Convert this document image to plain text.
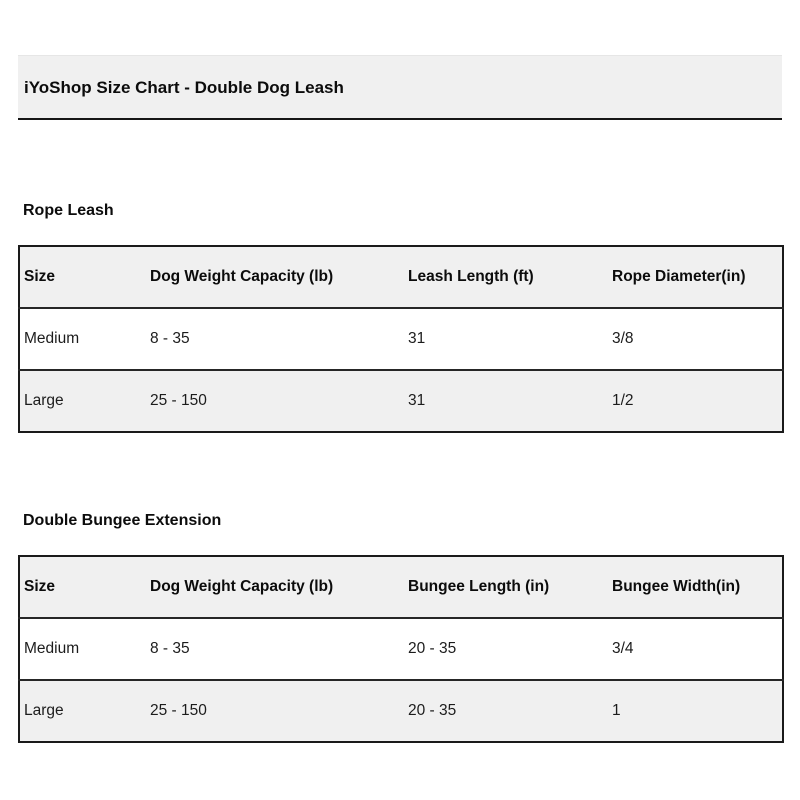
iYoShop Size Chart - Double Dog Leash
Rope Leash
Size	Dog Weight Capacity (lb)	Leash Length (ft)	Rope Diameter(in)
Medium	8 - 35	31	3/8
Large	25 - 150	31	1/2
Double Bungee Extension
Size	Dog Weight Capacity (lb)	Bungee Length (in)	Bungee Width(in)
Medium	8 - 35	20 - 35	3/4
Large	25 - 150	20 - 35	1
